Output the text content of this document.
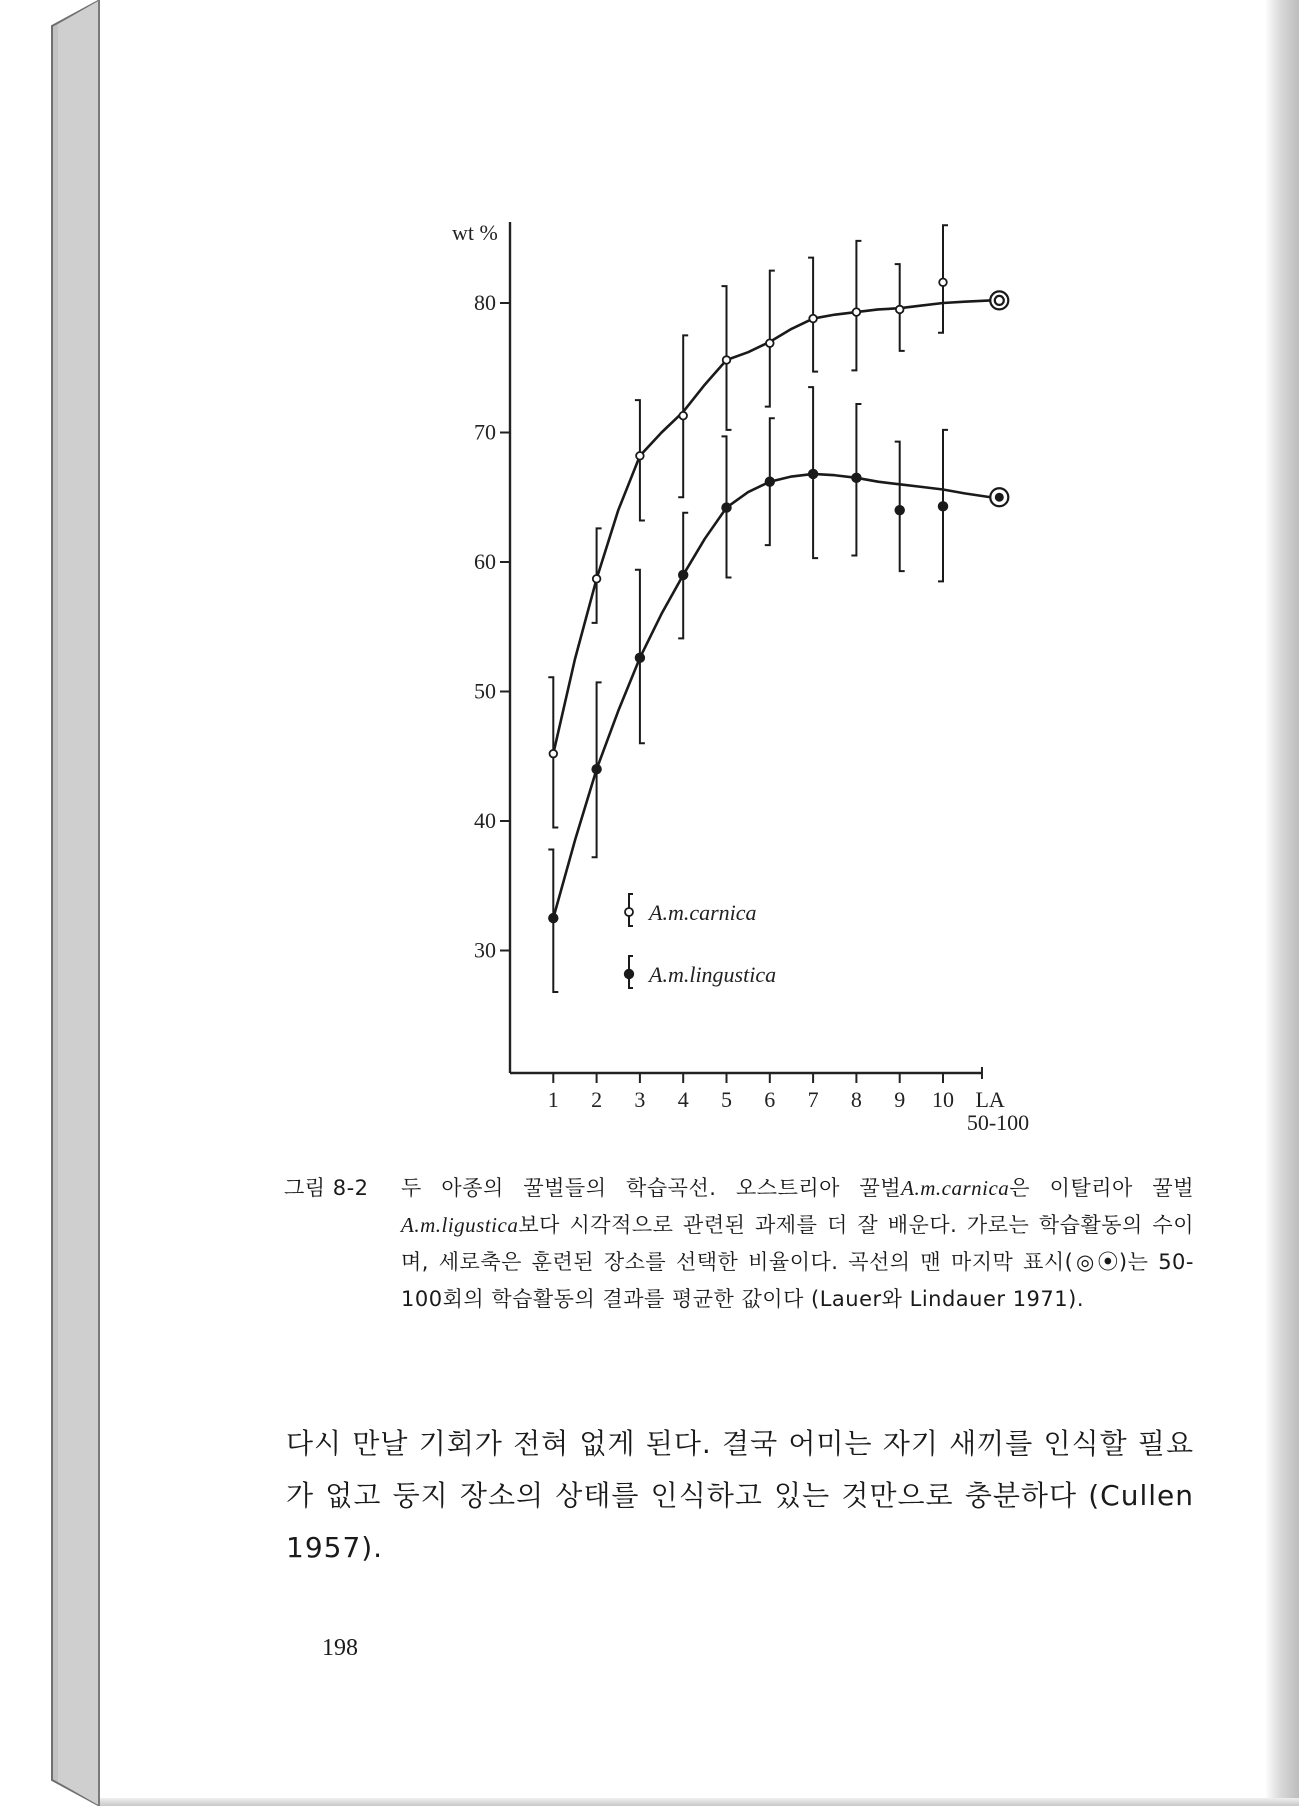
wt %
1 2 3 4 5 6 7 8 9 10 LA
50-100
30
40
50
60
70
80
A.m.carnica
A.m.lingustica
그림 8-2	두 아종의 꿀벌들의 학습곡선. 오스트리아 꿀벌A.m.carnica은 이탈리아 꿀벌A.m.ligustica보다 시각적으로 관련된 과제를 더 잘 배운다. 가로는 학습활동의 수이며, 세로축은 훈련된 장소를 선택한 비율이다. 곡선의 맨 마지막 표시(◎⦿)는 50-100회의 학습활동의 결과를 평균한 값이다 (Lauer와 Lindauer 1971).
다시 만날 기회가 전혀 없게 된다. 결국 어미는 자기 새끼를 인식할 필요가 없고 둥지 장소의 상태를 인식하고 있는 것만으로 충분하다 (Cullen 1957).
198
